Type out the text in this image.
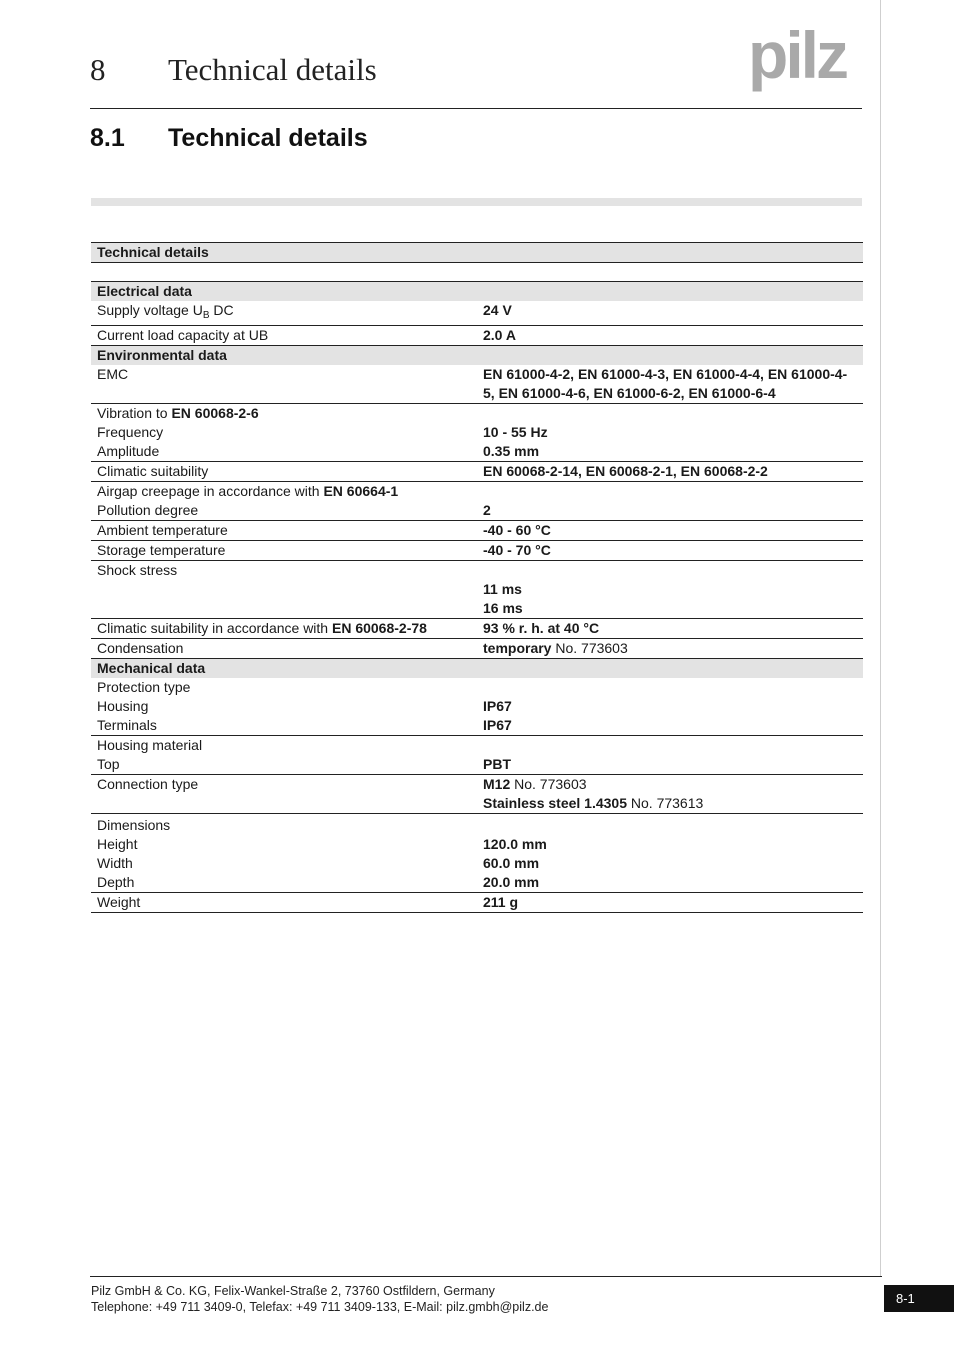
8 Technical details	pilz
8.1 Technical details
Technical details	

Electrical data	
Supply voltage $U_B$ DC	24 V
Current load capacity at UB	2.0 A
Environmental data	
EMC	EN 61000-4-2, EN 61000-4-3, EN 61000-4-4, EN 61000-4-5, EN 61000-4-6, EN 61000-6-2, EN 61000-6-4
Vibration to EN 60068-2-6	
Frequency	10 - 55 Hz
Amplitude	0.35 mm
Climatic suitability	EN 60068-2-14, EN 60068-2-1, EN 60068-2-2
Airgap creepage in accordance with EN 60664-1	
Pollution degree	2
Ambient temperature	-40 - 60 °C
Storage temperature	-40 - 70 °C
Shock stress	
	11 ms
	16 ms
Climatic suitability in accordance with EN 60068-2-78	93 % r. h. at 40 °C
Condensation	temporary No. 773603
Mechanical data	
Protection type	
Housing	IP67
Terminals	IP67
Housing material	
Top	PBT
Connection type	M12 No. 773603
Stainless steel 1.4305 No. 773613
Dimensions	
Height	120.0 mm
Width	60.0 mm
Depth	20.0 mm
Weight	211 g
Pilz GmbH & Co. KG, Felix-Wankel-Straße 2, 73760 Ostfildern, Germany
Telephone: +49 711 3409-0, Telefax: +49 711 3409-133, E-Mail: pilz.gmbh@pilz.de
8-1
